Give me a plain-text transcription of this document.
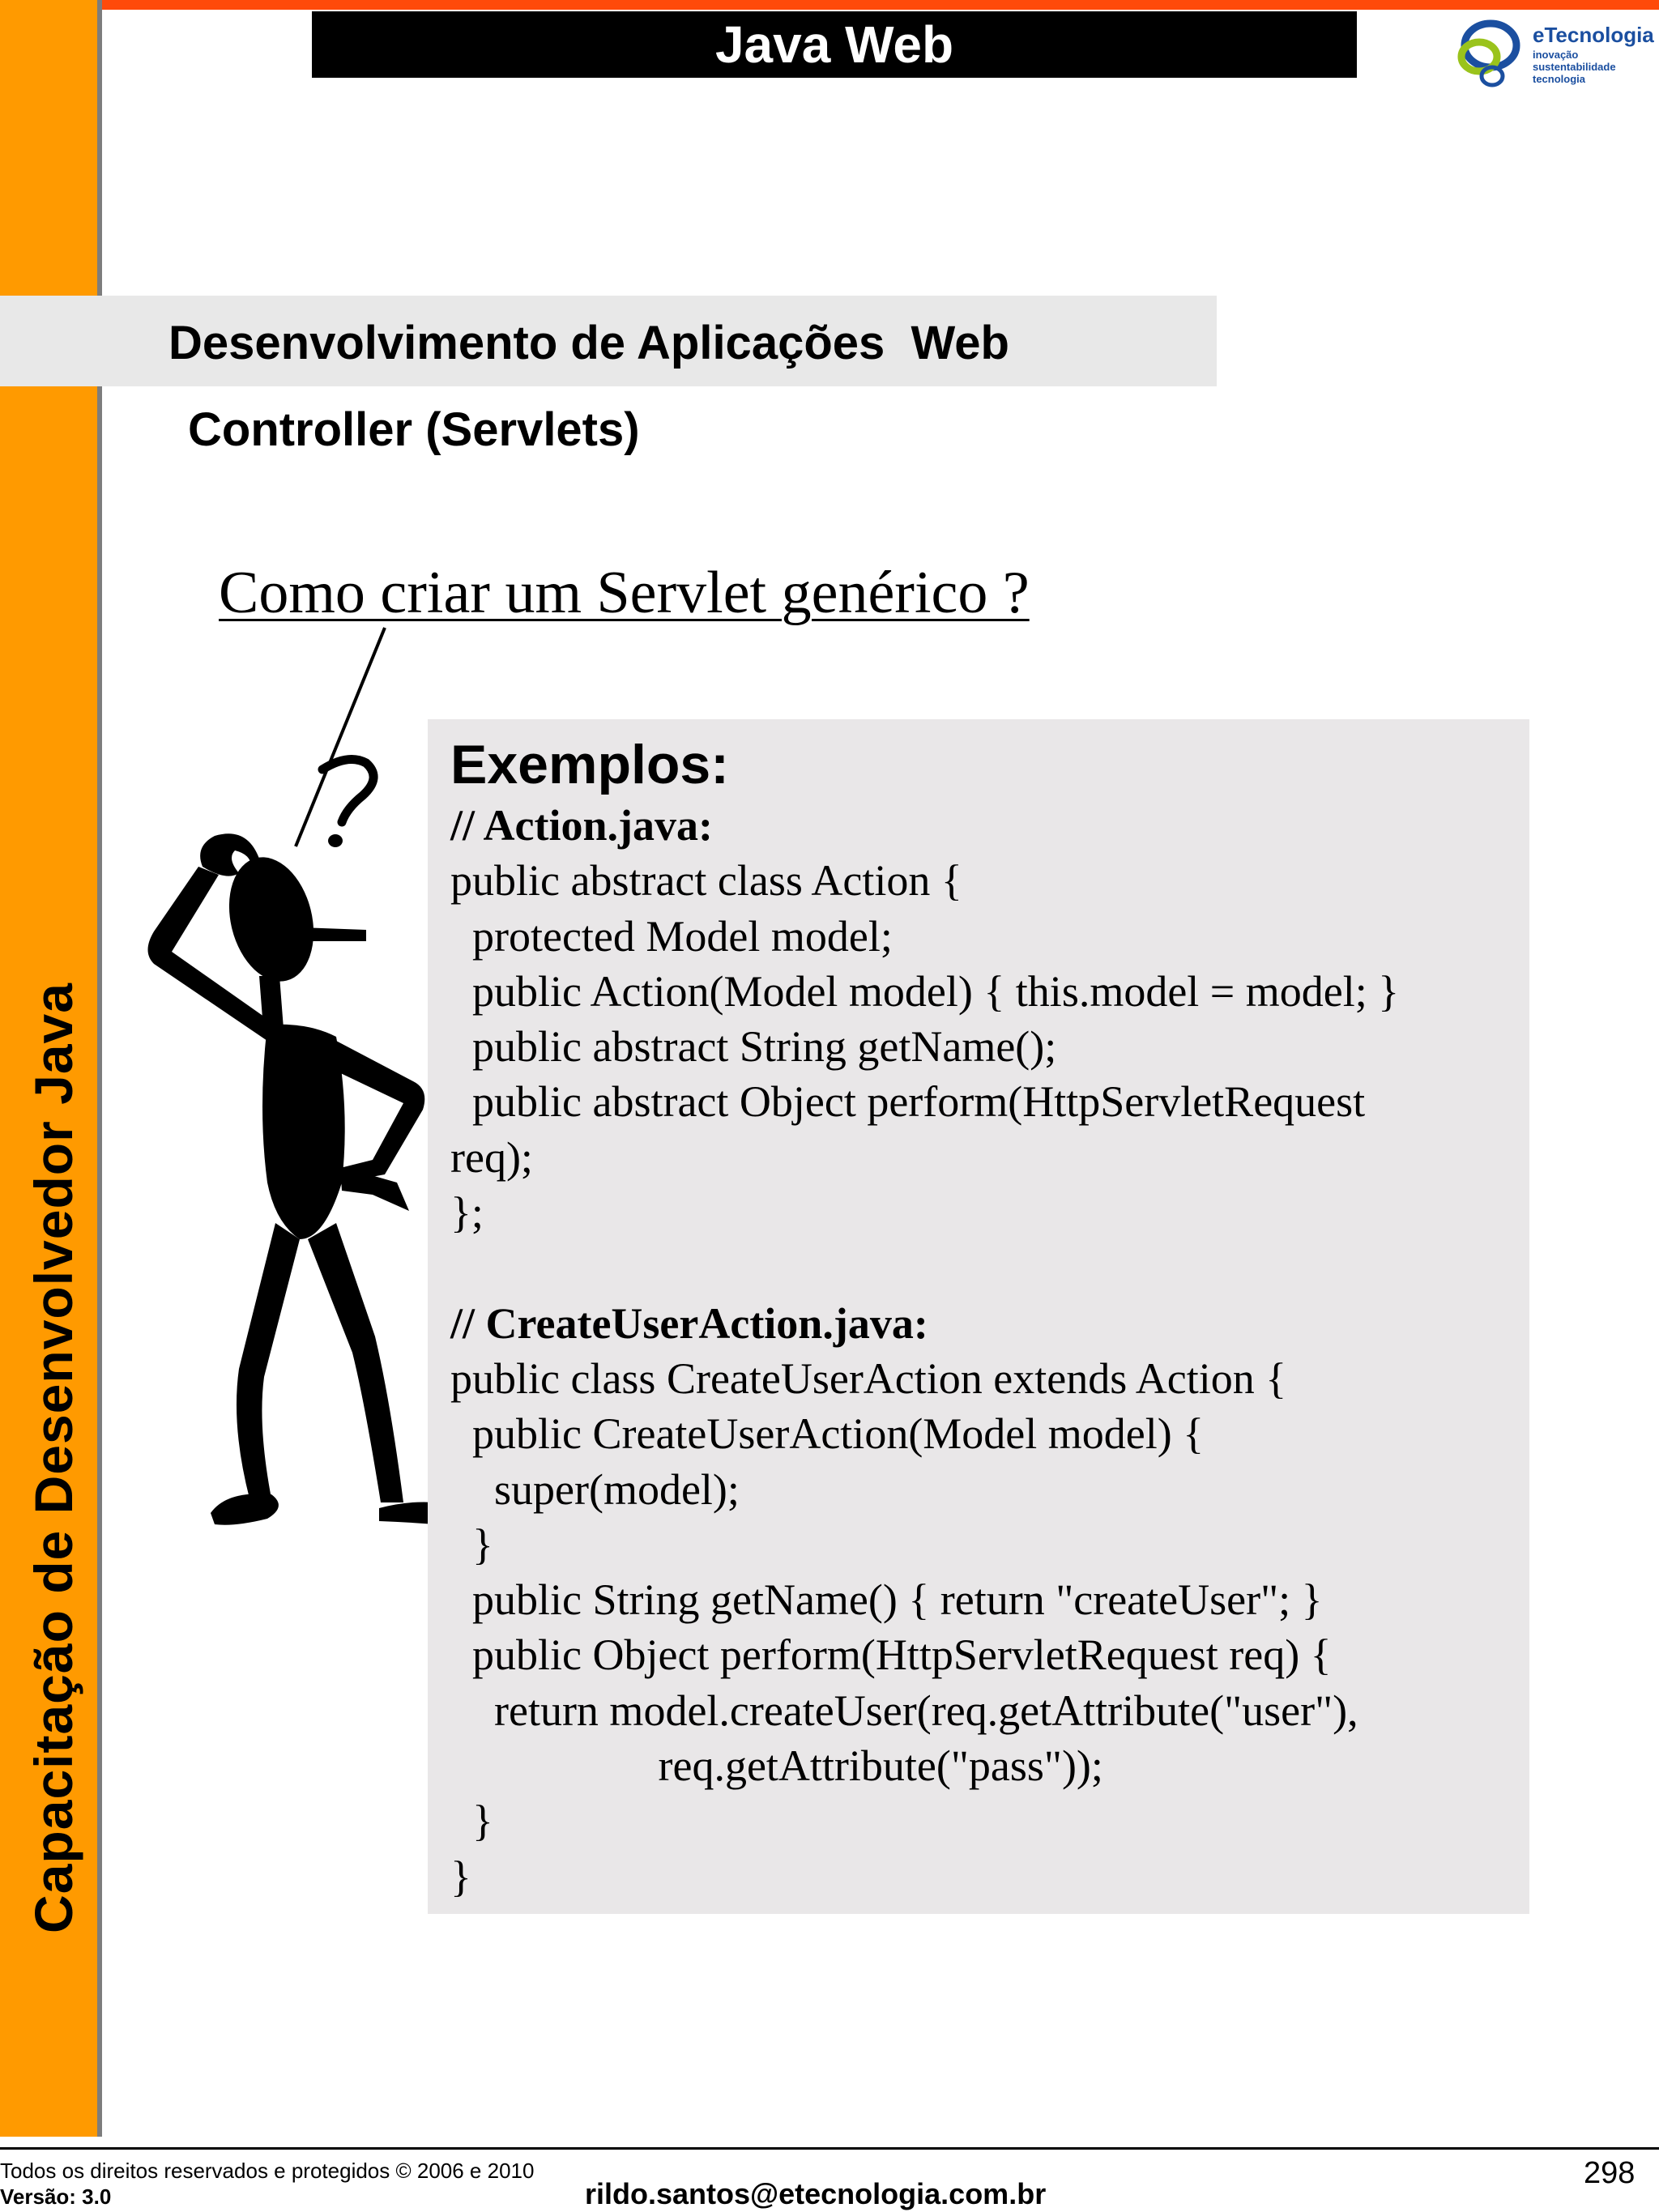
Capacitação de Desenvolvedor Java
Java Web	eTecnologia
inovação
sustentabilidade
tecnologia
Desenvolvimento de Aplicações  Web
Controller (Servlets)
Como criar um Servlet genérico ?
Exemplos:
// Action.java:
public abstract class Action {
protected Model model;
public Action(Model model) { this.model = model; }
public abstract String getName();
public abstract Object perform(HttpServletRequest
req);
};
// CreateUserAction.java:
public class CreateUserAction extends Action {
public CreateUserAction(Model model) {
super(model);
}
public String getName() { return "createUser"; }
public Object perform(HttpServletRequest req) {
return model.createUser(req.getAttribute("user"),
req.getAttribute("pass"));
}
}
Todos os direitos reservados e protegidos © 2006 e 2010
Versão: 3.0	rildo.santos@etecnologia.com.br
298
